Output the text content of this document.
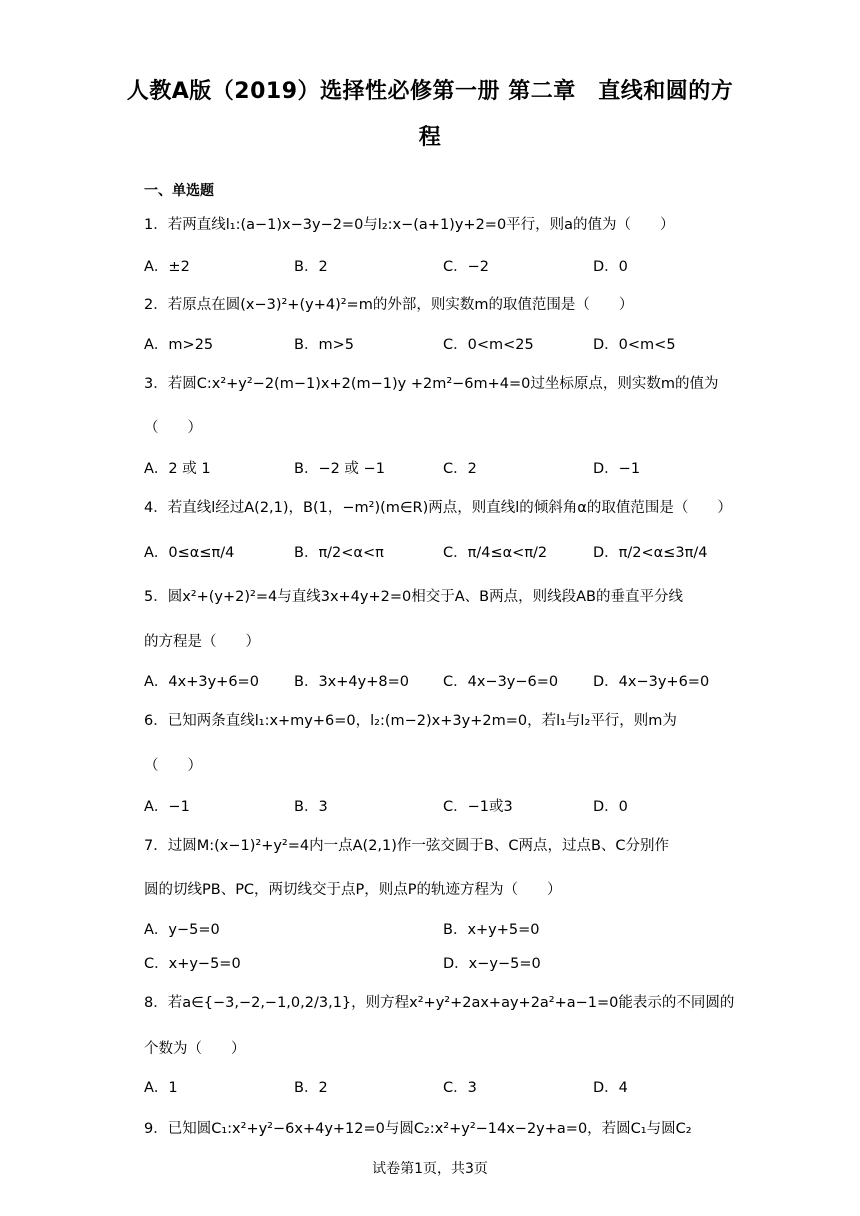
人教A版（2019）选择性必修第一册 第二章　直线和圆的方
程
一、单选题
1．若两直线l₁:(a−1)x−3y−2=0与l₂:x−(a+1)y+2=0平行，则a的值为（　　）
A．±2	B．2	C．−2	D．0
2．若原点在圆(x−3)²+(y+4)²=m的外部，则实数m的取值范围是（　　）
A．m>25	B．m>5	C．0<m<25	D．0<m<5
3．若圆C:x²+y²−2(m−1)x+2(m−1)y +2m²−6m+4=0过坐标原点，则实数m的值为
（　　）
A．2 或 1	B．−2 或 −1	C．2	D．−1
4．若直线l经过A(2,1)，B(1，−m²)(m∈R)两点，则直线l的倾斜角α的取值范围是（　　）
A．0≤α≤π/4	B．π/2<α<π	C．π/4≤α<π/2	D．π/2<α≤3π/4
5．圆x²+(y+2)²=4与直线3x+4y+2=0相交于A、B两点，则线段AB的垂直平分线
的方程是（　　）
A．4x+3y+6=0 B．3x+4y+8=0 C．4x−3y−6=0 D．4x−3y+6=0
6．已知两条直线l₁:x+my+6=0，l₂:(m−2)x+3y+2m=0，若l₁与l₂平行，则m为
（　　）
A．−1	B．3	C．−1或3	D．0
7．过圆M:(x−1)²+y²=4内一点A(2,1)作一弦交圆于B、C两点，过点B、C分别作
圆的切线PB、PC，两切线交于点P，则点P的轨迹方程为（　　）
A．y−5=0	B．x+y+5=0
C．x+y−5=0	D．x−y−5=0
8．若a∈{−3,−2,−1,0,2/3,1}，则方程x²+y²+2ax+ay+2a²+a−1=0能表示的不同圆的
个数为（　　）
A．1	B．2	C．3	D．4
9．已知圆C₁:x²+y²−6x+4y+12=0与圆C₂:x²+y²−14x−2y+a=0，若圆C₁与圆C₂
试卷第1页，共3页
